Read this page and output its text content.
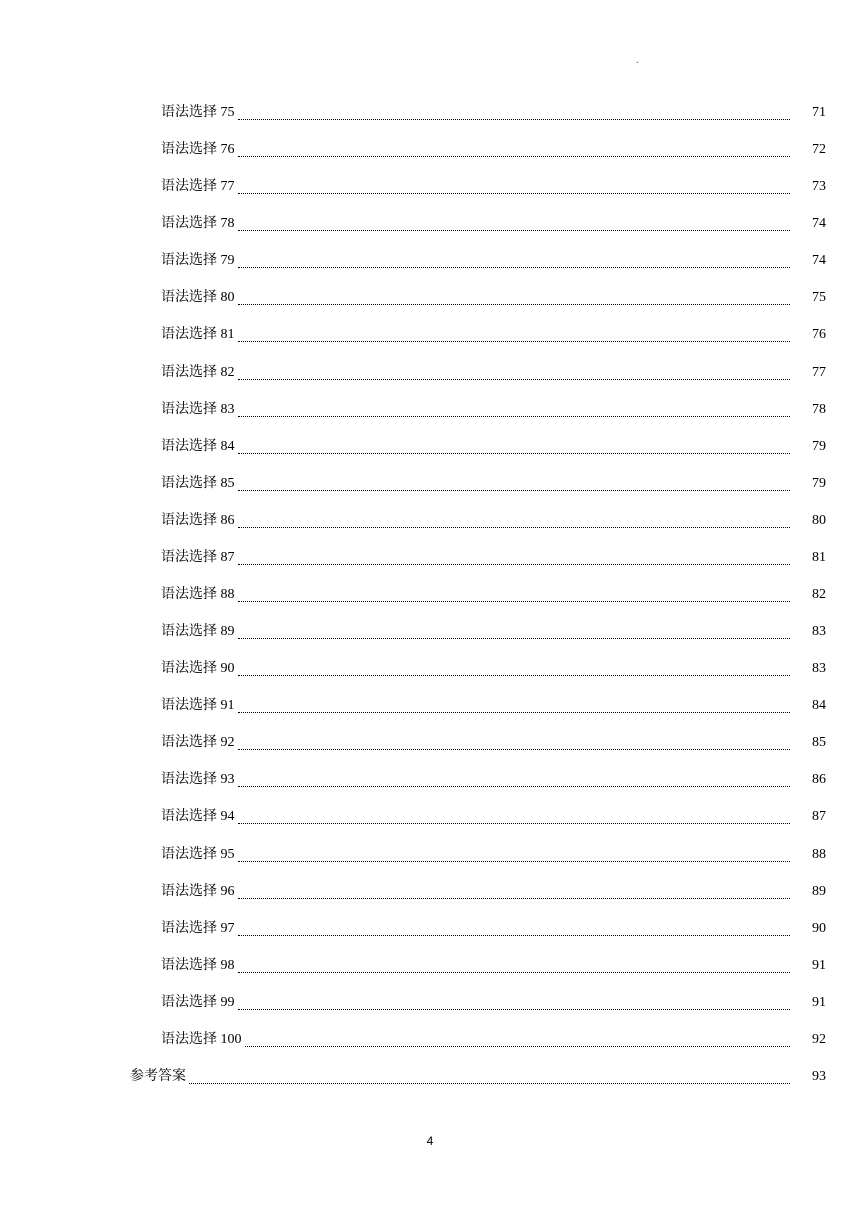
.
语法选择 75	71
语法选择 76	72
语法选择 77	73
语法选择 78	74
语法选择 79	74
语法选择 80	75
语法选择 81	76
语法选择 82	77
语法选择 83	78
语法选择 84	79
语法选择 85	79
语法选择 86	80
语法选择 87	81
语法选择 88	82
语法选择 89	83
语法选择 90	83
语法选择 91	84
语法选择 92	85
语法选择 93	86
语法选择 94	87
语法选择 95	88
语法选择 96	89
语法选择 97	90
语法选择 98	91
语法选择 99	91
语法选择 100	92
参考答案	93
4
